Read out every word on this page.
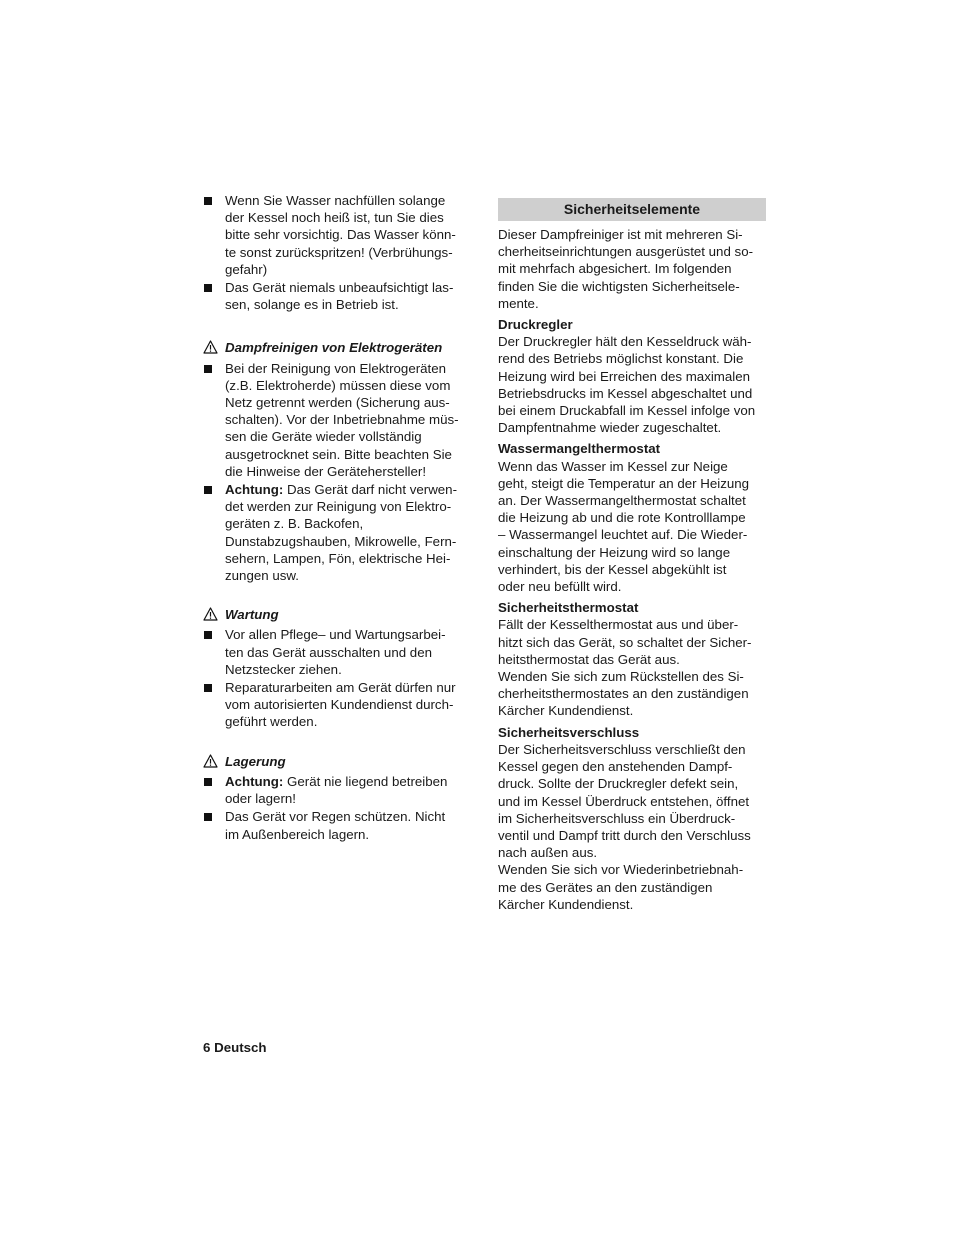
Wenn Sie Wasser nachfüllen solange
der Kessel noch heiß ist, tun Sie dies
bitte sehr vorsichtig. Das Wasser könn-
te sonst zurückspritzen! (Verbrühungs-
gefahr)
Das Gerät niemals unbeaufsichtigt las-
sen, solange es in Betrieb ist.
Dampfreinigen von Elektrogeräten
Bei der Reinigung von Elektrogeräten
(z.B. Elektroherde) müssen diese vom
Netz getrennt werden (Sicherung aus-
schalten). Vor der Inbetriebnahme müs-
sen die Geräte wieder vollständig
ausgetrocknet sein. Bitte beachten Sie
die Hinweise der Gerätehersteller!
Achtung: Das Gerät darf nicht verwen-
det werden zur Reinigung von Elektro-
geräten z. B. Backofen,
Dunstabzugshauben, Mikrowelle, Fern-
sehern, Lampen, Fön, elektrische Hei-
zungen usw.
Wartung
Vor allen Pflege– und Wartungsarbei-
ten das Gerät ausschalten und den
Netzstecker ziehen.
Reparaturarbeiten am Gerät dürfen nur
vom autorisierten Kundendienst durch-
geführt werden.
Lagerung
Achtung: Gerät nie liegend betreiben
oder lagern!
Das Gerät vor Regen schützen. Nicht
im Außenbereich lagern.
Sicherheitselemente
Dieser Dampfreiniger ist mit mehreren Si-
cherheitseinrichtungen ausgerüstet und so-
mit mehrfach abgesichert. Im folgenden
finden Sie die wichtigsten Sicherheitsele-
mente.
Druckregler
Der Druckregler hält den Kesseldruck wäh-
rend des Betriebs möglichst konstant. Die
Heizung wird bei Erreichen des maximalen
Betriebsdrucks im Kessel abgeschaltet und
bei einem Druckabfall im Kessel infolge von
Dampfentnahme wieder zugeschaltet.
Wassermangelthermostat
Wenn das Wasser im Kessel zur Neige
geht, steigt die Temperatur an der Heizung
an. Der Wassermangelthermostat schaltet
die Heizung ab und die rote Kontrolllampe
– Wassermangel leuchtet auf. Die Wieder-
einschaltung der Heizung wird so lange
verhindert, bis der Kessel abgekühlt ist
oder neu befüllt wird.
Sicherheitsthermostat
Fällt der Kesselthermostat aus und über-
hitzt sich das Gerät, so schaltet der Sicher-
heitsthermostat das Gerät aus.
Wenden Sie sich zum Rückstellen des Si-
cherheitsthermostates an den zuständigen
Kärcher Kundendienst.
Sicherheitsverschluss
Der Sicherheitsverschluss verschließt den
Kessel gegen den anstehenden Dampf-
druck. Sollte der Druckregler defekt sein,
und im Kessel Überdruck entstehen, öffnet
im Sicherheitsverschluss ein Überdruck-
ventil und Dampf tritt durch den Verschluss
nach außen aus.
Wenden Sie sich vor Wiederinbetriebnah-
me des Gerätes an den zuständigen
Kärcher Kundendienst.
6 Deutsch
